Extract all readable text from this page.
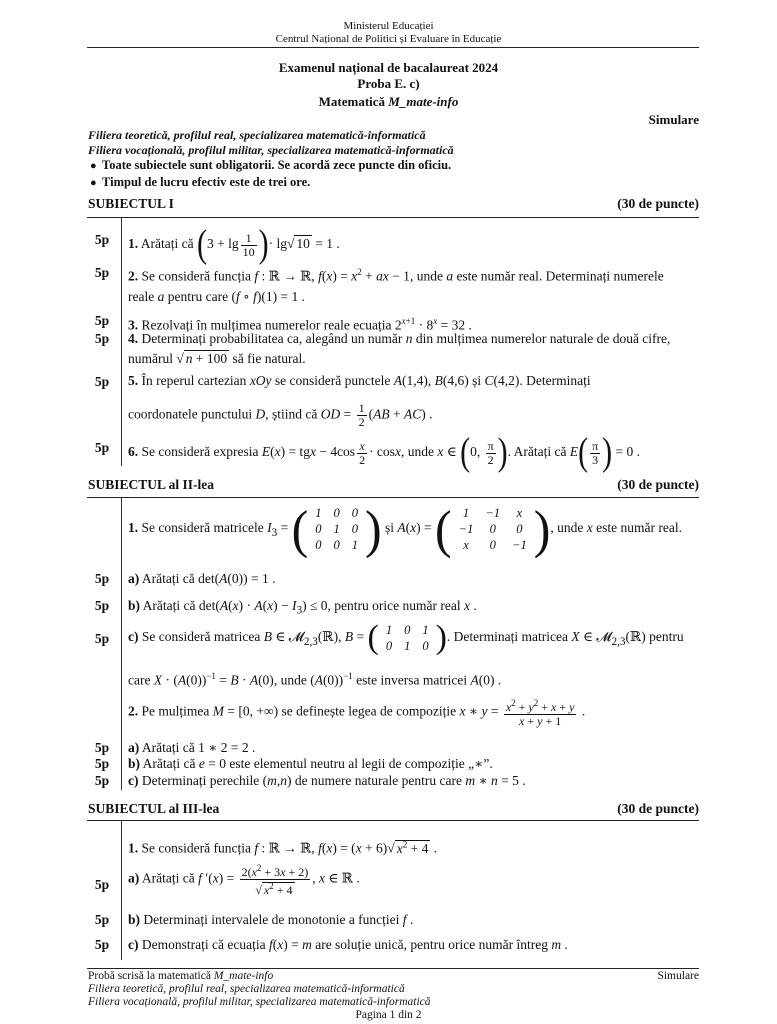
Ministerul Educației
Centrul Național de Politici și Evaluare în Educație
Examenul național de bacalaureat 2024
Proba E. c)
Matematică M_mate-info
Simulare
Filiera teoretică, profilul real, specializarea matematică-informatică
Filiera vocațională, profilul militar, specializarea matematică-informatică
● Toate subiectele sunt obligatorii. Se acordă zece puncte din oficiu.
● Timpul de lucru efectiv este de trei ore.
SUBIECTUL I	(30 de puncte)
5p	1. Arătați că ($3 + \lg \frac{1}{10}$ )· lg√ 10 = 1 .
5p	2. Se consideră funcția f : ℝ → ℝ, $f(x) = x^2$ + ax − 1, unde a este număr real. Determinați numerele
reale a pentru care (f ∘ f)(1) = 1 .
5p	3. Rezolvați în mulțimea numerelor reale ecuația $2^{x+1} \cdot 8^x = 32$ .
5p	4. Determinați probabilitatea ca, alegând un număr n din mulțimea numerelor naturale de două cifre,
numărul √ n + 100 să fie natural.
5p	5. În reperul cartezian xOy se consideră punctele A(1,4), B(4,6) și C(4,2). Determinați
coordonatele punctului D, știind că OD = $\frac{1}{2} (AB + AC)$ .
5p	6. Se consideră expresia E(x) = tgx − $4\cos \frac{x}{2} \cdot \cos x$, unde x ∈ (0, $\frac{\pi}{2}$ ). Arătați că $E( \frac{\pi}{3}$ ) = 0 .
SUBIECTUL al II-lea	(30 de puncte)
1. Se consideră matricele $I_3$ = ( 1	0	0
0	1	0
0	0	1 ) și A(x) = ( 1	−1	x
−1	0	0
x	0	−1 ), unde x este număr real.
5p	a) Arătați că det(A(0)) = 1 .
5p	b) Arătați că $\det(A(x) \cdot A(x) - I_3) \le 0$, pentru orice număr real x .
5p	c) Se consideră matricea B ∈ 𝓜$_{2,3}$(ℝ), B = ( 1	0	1
0	1	0 ). Determinați matricea X ∈ 𝓜$_{2,3}$(ℝ) pentru
care $X \cdot (A(0))^{-1} = B \cdot A(0)$, unde $(A(0))^{-1}$ este inversa matricei A(0) .
2. Pe mulțimea M = [0, +∞) se definește legea de compoziție x ∗ $y = \frac{x^2 + y^2 + x + y}{x + y + 1}$ .
5p	a) Arătați că 1 ∗ 2 = 2 .
5p	b) Arătați că e = 0 este elementul neutru al legii de compoziție „∗”.
5p	c) Determinați perechile (m,n) de numere naturale pentru care m ∗ n = 5 .
SUBIECTUL al III-lea	(30 de puncte)
1. Se consideră funcția f : ℝ → ℝ, f(x) = (x + 6)√ $x^2 + 4$ .
5p	a) Arătați că f $'(x) = \frac{2(x^2 + 3x + 2)}{√ x^2 + 4}$ , x ∈ ℝ .
5p	b) Determinați intervalele de monotonie a funcției f .
5p	c) Demonstrați că ecuația f(x) = m are soluție unică, pentru orice număr întreg m .
Probă scrisă la matematică M_mate-info	Simulare
Filiera teoretică, profilul real, specializarea matematică-informatică
Filiera vocațională, profilul militar, specializarea matematică-informatică
Pagina 1 din 2
